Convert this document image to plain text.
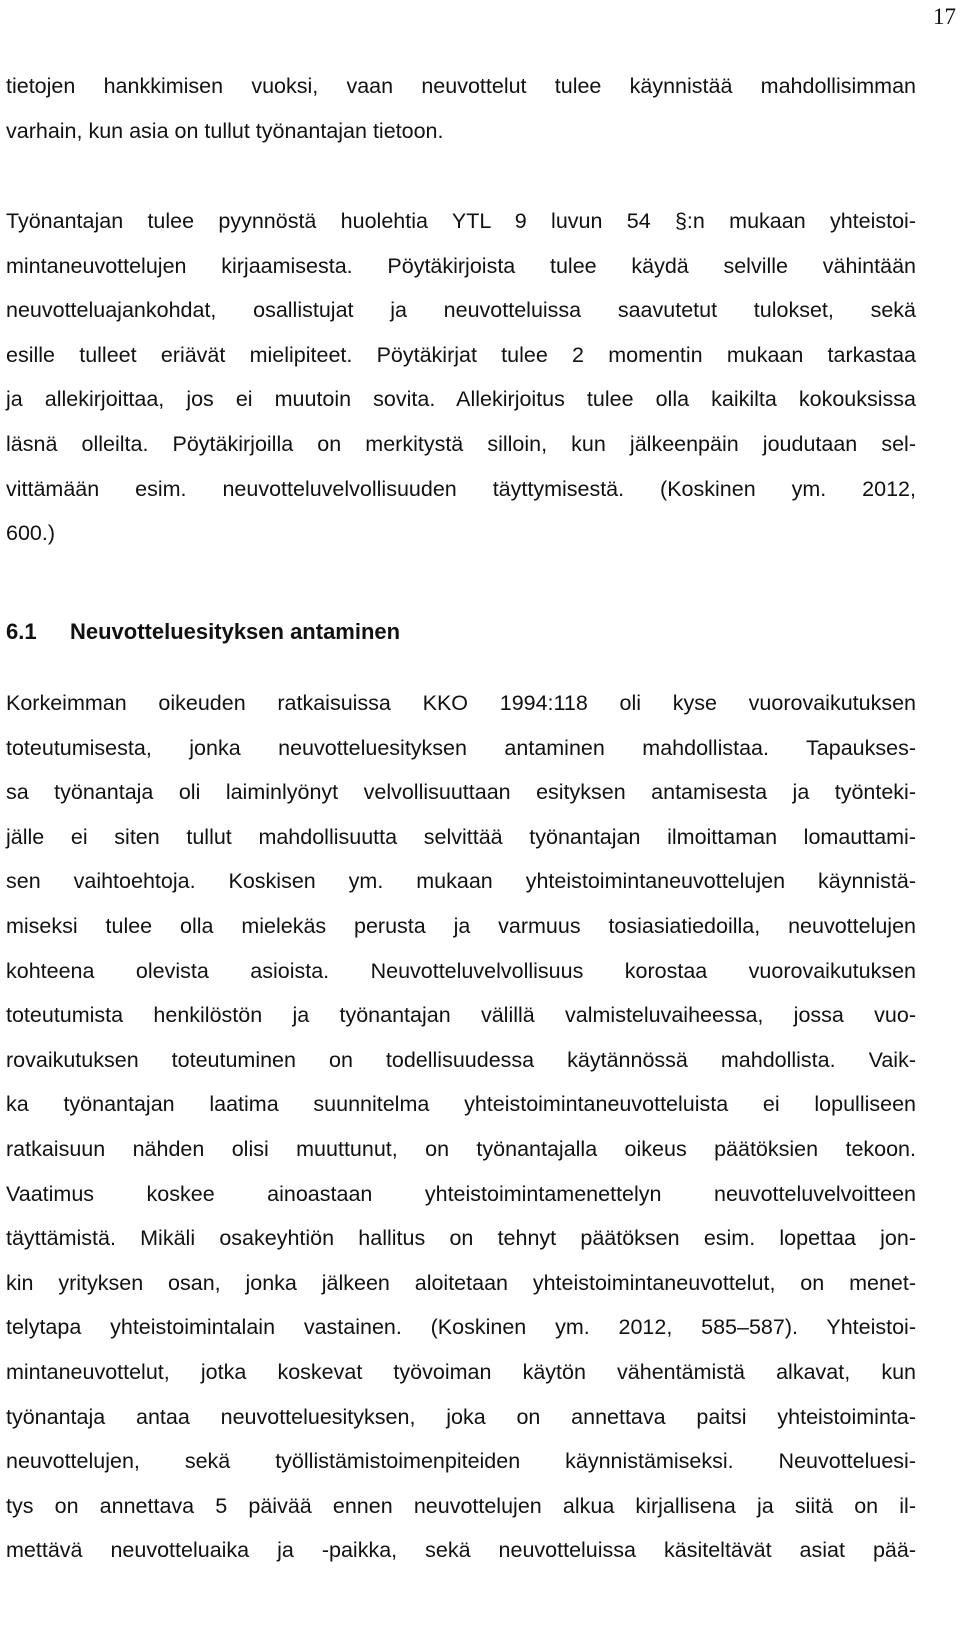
17
tietojen hankkimisen vuoksi, vaan neuvottelut tulee käynnistää mahdollisimman
varhain, kun asia on tullut työnantajan tietoon.
Työnantajan tulee pyynnöstä huolehtia YTL 9 luvun 54 §:n mukaan yhteistoi-
mintaneuvottelujen kirjaamisesta. Pöytäkirjoista tulee käydä selville vähintään
neuvotteluajankohdat, osallistujat ja neuvotteluissa saavutetut tulokset, sekä
esille tulleet eriävät mielipiteet. Pöytäkirjat tulee 2 momentin mukaan tarkastaa
ja allekirjoittaa, jos ei muutoin sovita. Allekirjoitus tulee olla kaikilta kokouksissa
läsnä olleilta. Pöytäkirjoilla on merkitystä silloin, kun jälkeenpäin joudutaan sel-
vittämään esim. neuvotteluvelvollisuuden täyttymisestä. (Koskinen ym. 2012,
600.)
6.1 Neuvotteluesityksen antaminen
Korkeimman oikeuden ratkaisuissa KKO 1994:118 oli kyse vuorovaikutuksen
toteutumisesta, jonka neuvotteluesityksen antaminen mahdollistaa. Tapaukses-
sa työnantaja oli laiminlyönyt velvollisuuttaan esityksen antamisesta ja työnteki-
jälle ei siten tullut mahdollisuutta selvittää työnantajan ilmoittaman lomauttami-
sen vaihtoehtoja. Koskisen ym. mukaan yhteistoimintaneuvottelujen käynnistä-
miseksi tulee olla mielekäs perusta ja varmuus tosiasiatiedoilla, neuvottelujen
kohteena olevista asioista. Neuvotteluvelvollisuus korostaa vuorovaikutuksen
toteutumista henkilöstön ja työnantajan välillä valmisteluvaiheessa, jossa vuo-
rovaikutuksen toteutuminen on todellisuudessa käytännössä mahdollista. Vaik-
ka työnantajan laatima suunnitelma yhteistoimintaneuvotteluista ei lopulliseen
ratkaisuun nähden olisi muuttunut, on työnantajalla oikeus päätöksien tekoon.
Vaatimus koskee ainoastaan yhteistoimintamenettelyn neuvotteluvelvoitteen
täyttämistä. Mikäli osakeyhtiön hallitus on tehnyt päätöksen esim. lopettaa jon-
kin yrityksen osan, jonka jälkeen aloitetaan yhteistoimintaneuvottelut, on menet-
telytapa yhteistoimintalain vastainen. (Koskinen ym. 2012, 585–587). Yhteistoi-
mintaneuvottelut, jotka koskevat työvoiman käytön vähentämistä alkavat, kun
työnantaja antaa neuvotteluesityksen, joka on annettava paitsi yhteistoiminta-
neuvottelujen, sekä työllistämistoimenpiteiden käynnistämiseksi. Neuvotteluesi-
tys on annettava 5 päivää ennen neuvottelujen alkua kirjallisena ja siitä on il-
mettävä neuvotteluaika ja -paikka, sekä neuvotteluissa käsiteltävät asiat pää-
